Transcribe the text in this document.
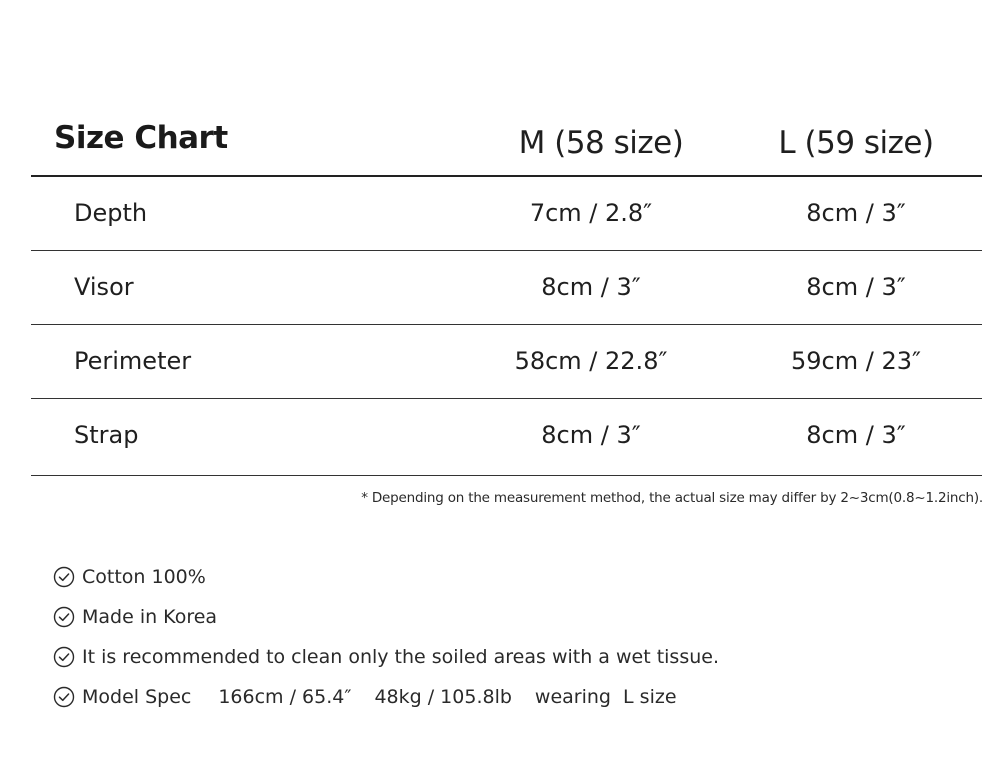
Size Chart	M (58 size)	L (59 size)
Depth	7cm / 2.8″	8cm / 3″
Visor	8cm / 3″	8cm / 3″
Perimeter	58cm / 22.8″	59cm / 23″
Strap	8cm / 3″	8cm / 3″
* Depending on the measurement method, the actual size may differ by 2~3cm(0.8~1.2inch).
Cotton 100%
Made in Korea
It is recommended to clean only the soiled areas with a wet tissue.
Model Spec 166cm / 65.4″ 48kg / 105.8lb wearing  L size
